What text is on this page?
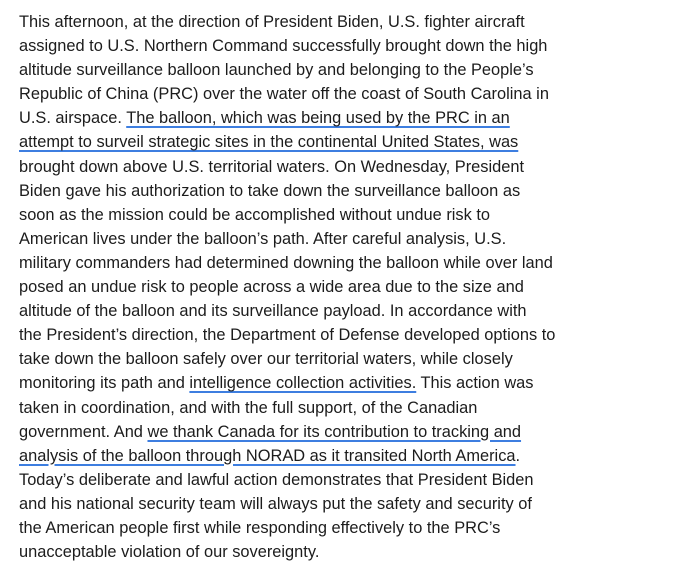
This afternoon, at the direction of President Biden, U.S. fighter aircraft
assigned to U.S. Northern Command successfully brought down the high
altitude surveillance balloon launched by and belonging to the People’s
Republic of China (PRC) over the water off the coast of South Carolina in
U.S. airspace. The balloon, which was being used by the PRC in an
attempt to surveil strategic sites in the continental United States, was
brought down above U.S. territorial waters. On Wednesday, President
Biden gave his authorization to take down the surveillance balloon as
soon as the mission could be accomplished without undue risk to
American lives under the balloon’s path. After careful analysis, U.S.
military commanders had determined downing the balloon while over land
posed an undue risk to people across a wide area due to the size and
altitude of the balloon and its surveillance payload. In accordance with
the President’s direction, the Department of Defense developed options to
take down the balloon safely over our territorial waters, while closely
monitoring its path and intelligence collection activities. This action was
taken in coordination, and with the full support, of the Canadian
government. And we thank Canada for its contribution to tracking and
analysis of the balloon through NORAD as it transited North America.
Today’s deliberate and lawful action demonstrates that President Biden
and his national security team will always put the safety and security of
the American people first while responding effectively to the PRC’s
unacceptable violation of our sovereignty.
